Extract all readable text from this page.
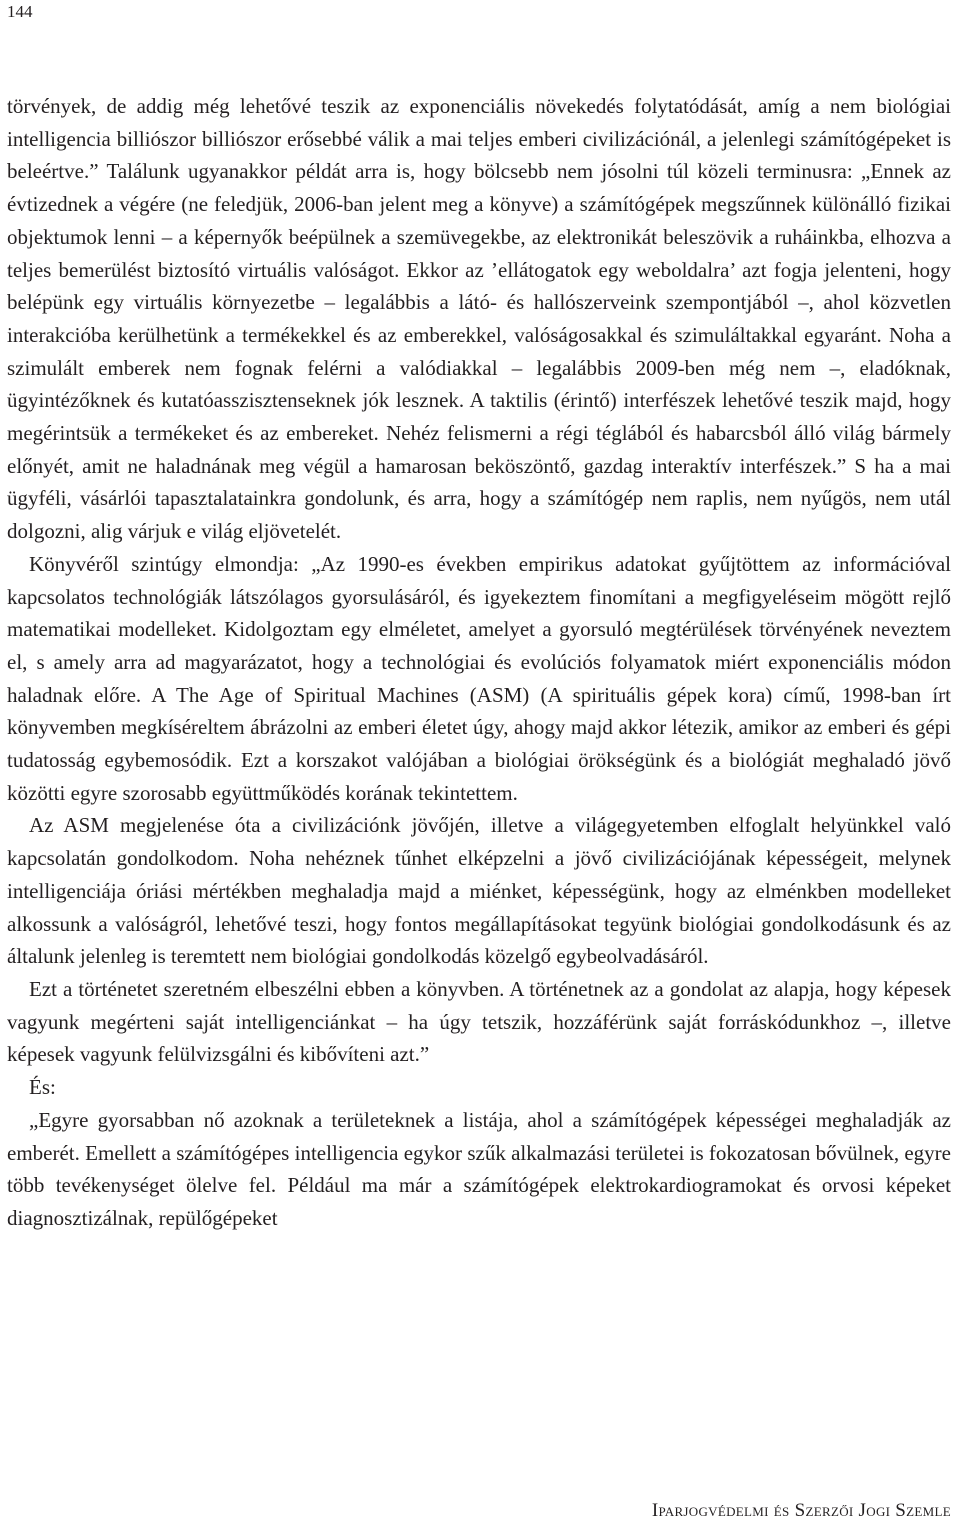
144

törvények, de addig még lehetővé teszik az exponenciális növekedés folytatódását, amíg a nem biológiai intelligencia billiószor billiószor erősebbé válik a mai teljes emberi civilizációnál, a jelenlegi számítógépeket is beleértve.” Találunk ugyanakkor példát arra is, hogy bölcsebb nem jósolni túl közeli terminusra: „Ennek az évtizednek a végére (ne feledjük, 2006-ban jelent meg a könyve) a számítógépek megszűnnek különálló fizikai objektumok lenni – a képernyők beépülnek a szemüvegekbe, az elektronikát beleszövik a ruháinkba, elhozva a teljes bemerülést biztosító virtuális valóságot. Ekkor az ’ellátogatok egy weboldalra’ azt fogja jelenteni, hogy belépünk egy virtuális környezetbe – legalábbis a látó- és hallószerveink szempontjából –, ahol közvetlen interakcióba kerülhetünk a termékekkel és az emberekkel, valóságosakkal és szimuláltakkal egyaránt. Noha a szimulált emberek nem fognak felérni a valódiakkal – legalábbis 2009-ben még nem –, eladóknak, ügyintézőknek és kutatóasszisztenseknek jók lesznek. A taktilis (érintő) interfészek lehetővé teszik majd, hogy megérintsük a termékeket és az embereket. Nehéz felismerni a régi téglából és habarcsból álló világ bármely előnyét, amit ne haladnának meg végül a hamarosan beköszöntő, gazdag interaktív interfészek.” S ha a mai ügyféli, vásárlói tapasztalatainkra gondolunk, és arra, hogy a számítógép nem raplis, nem nyűgös, nem utál dolgozni, alig várjuk e világ eljövetelét.

Könyvéről szintúgy elmondja: „Az 1990-es években empirikus adatokat gyűjtöttem az információval kapcsolatos technológiák látszólagos gyorsulásáról, és igyekeztem finomítani a megfigyeléseim mögött rejlő matematikai modelleket. Kidolgoztam egy elméletet, amelyet a gyorsuló megtérülések törvényének neveztem el, s amely arra ad magyarázatot, hogy a technológiai és evolúciós folyamatok miért exponenciális módon haladnak előre. A The Age of Spiritual Machines (ASM) (A spirituális gépek kora) című, 1998-ban írt könyvemben megkíséreltem ábrázolni az emberi életet úgy, ahogy majd akkor létezik, amikor az emberi és gépi tudatosság egybemosódik. Ezt a korszakot valójában a biológiai örökségünk és a biológiát meghaladó jövő közötti egyre szorosabb együttműködés korának tekintettem.

Az ASM megjelenése óta a civilizációnk jövőjén, illetve a világegyetemben elfoglalt helyünkkel való kapcsolatán gondolkodom. Noha nehéznek tűnhet elképzelni a jövő civilizációjának képességeit, melynek intelligenciája óriási mértékben meghaladja majd a miénket, képességünk, hogy az elménkben modelleket alkossunk a valóságról, lehetővé teszi, hogy fontos megállapításokat tegyünk biológiai gondolkodásunk és az általunk jelenleg is teremtett nem biológiai gondolkodás közelgő egybeolvadásáról.

Ezt a történetet szeretném elbeszélni ebben a könyvben. A történetnek az a gondolat az alapja, hogy képesek vagyunk megérteni saját intelligenciánkat – ha úgy tetszik, hozzáférünk saját forráskódunkhoz –, illetve képesek vagyunk felülvizsgálni és kibővíteni azt.”

És:

„Egyre gyorsabban nő azoknak a területeknek a listája, ahol a számítógépek képességei meghaladják az emberét. Emellett a számítógépes intelligencia egykor szűk alkalmazási területei is fokozatosan bővülnek, egyre több tevékenységet ölelve fel. Például ma már a számítógépek elektrokardiogramokat és orvosi képeket diagnosztizálnak, repülőgépeket

Iparjogvédelmi és Szerzői Jogi Szemle
